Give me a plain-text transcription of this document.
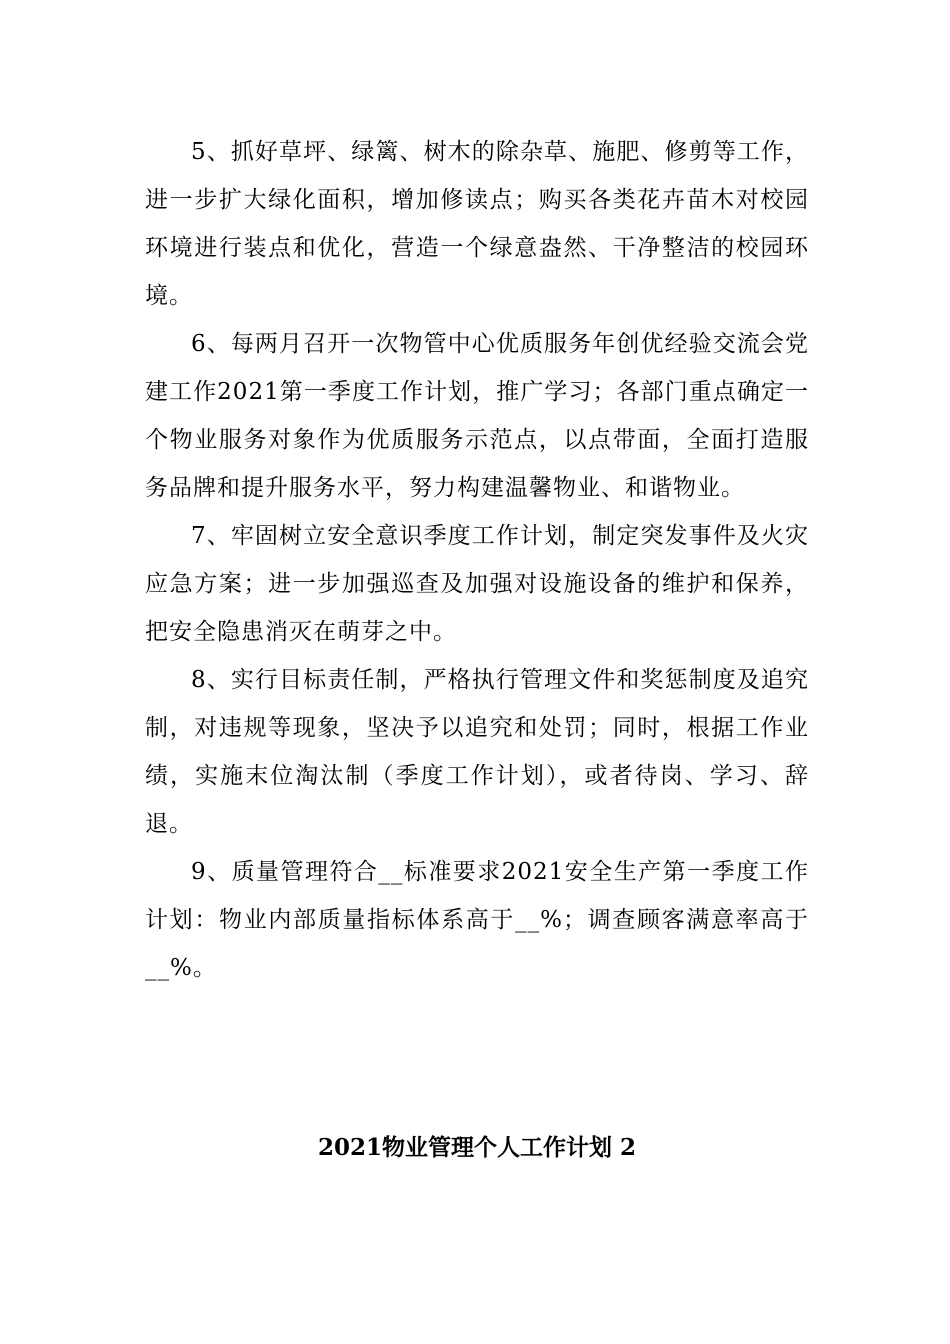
5、抓好草坪、绿篱、树木的除杂草、施肥、修剪等工作，进一步扩大绿化面积，增加修读点；购买各类花卉苗木对校园环境进行装点和优化，营造一个绿意盎然、干净整洁的校园环境。

6、每两月召开一次物管中心优质服务年创优经验交流会党建工作2021第一季度工作计划，推广学习；各部门重点确定一个物业服务对象作为优质服务示范点，以点带面，全面打造服务品牌和提升服务水平，努力构建温馨物业、和谐物业。

7、牢固树立安全意识季度工作计划，制定突发事件及火灾应急方案；进一步加强巡查及加强对设施设备的维护和保养，把安全隐患消灭在萌芽之中。

8、实行目标责任制，严格执行管理文件和奖惩制度及追究制，对违规等现象，坚决予以追究和处罚；同时，根据工作业绩，实施末位淘汰制（季度工作计划），或者待岗、学习、辞退。

9、质量管理符合__标准要求2021安全生产第一季度工作计划：物业内部质量指标体系高于__%；调查顾客满意率高于__%。

2021物业管理个人工作计划 2
